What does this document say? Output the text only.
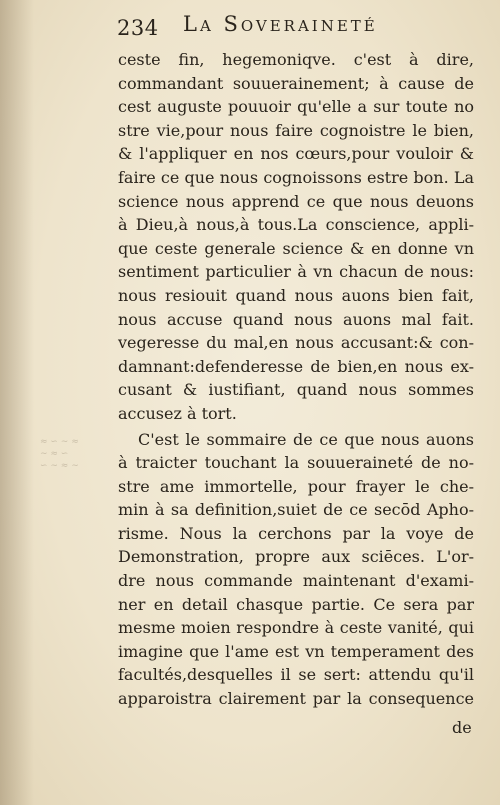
≈ ∽ ∼ ≈
∼ ≈ ∽
∽ ∼ ≈ ∼
234 La Soveraineté
ceste fin, hegemoniqve. c'est à dire,
commandant souuerainement; à cause de
cest auguste pouuoir qu'elle a sur toute no
stre vie,pour nous faire cognoistre le bien,
& l'appliquer en nos cœurs,pour vouloir &
faire ce que nous cognoissons estre bon. La
science nous apprend ce que nous deuons
à Dieu,à nous,à tous.La conscience, appli-
que ceste generale science & en donne vn
sentiment particulier à vn chacun de nous:
nous resiouit quand nous auons bien fait,
nous accuse quand nous auons mal fait.
vegeresse du mal,en nous accusant:& con-
damnant:defenderesse de bien,en nous ex-
cusant & iustifiant, quand nous sommes
accusez à tort.
C'est le sommaire de ce que nous auons
à traicter touchant la souueraineté de no-
stre ame immortelle, pour frayer le che-
min à sa definition,suiet de ce secōd Apho-
risme. Nous la cerchons par la voye de
Demonstration, propre aux sciēces. L'or-
dre nous commande maintenant d'exami-
ner en detail chasque partie. Ce sera par
mesme moien respondre à ceste vanité, qui
imagine que l'ame est vn temperament des
facultés,desquelles il se sert: attendu qu'il
apparoistra clairement par la consequence
de
